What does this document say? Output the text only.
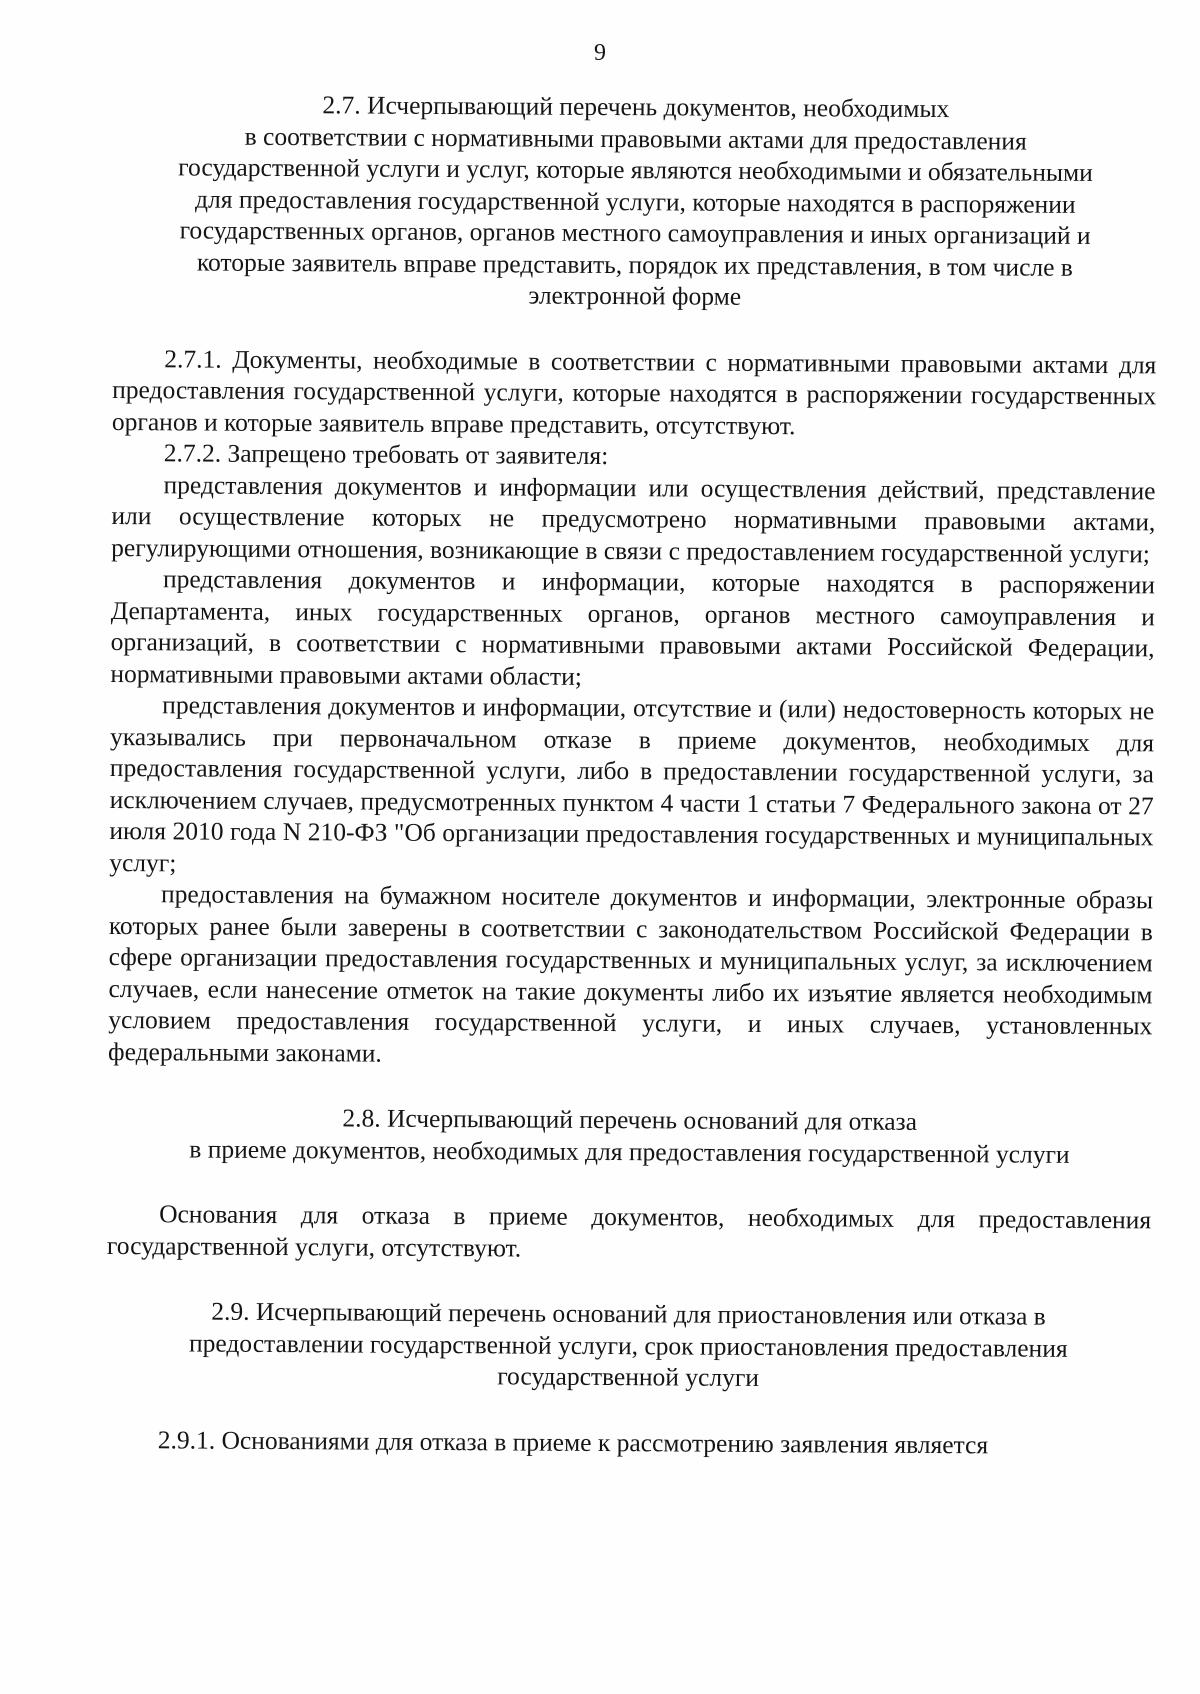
9
2.7. Исчерпывающий перечень документов, необходимых
в соответствии с нормативными правовыми актами для предоставления
государственной услуги и услуг, которые являются необходимыми и обязательными
для предоставления государственной услуги, которые находятся в распоряжении
государственных органов, органов местного самоуправления и иных организаций и
которые заявитель вправе представить, порядок их представления, в том числе в
электронной форме

2.7.1. Документы, необходимые в соответствии с нормативными правовыми актами для предоставления государственной услуги, которые находятся в распоряжении государственных органов и которые заявитель вправе представить, отсутствуют.

2.7.2. Запрещено требовать от заявителя:

представления документов и информации или осуществления действий, представление или осуществление которых не предусмотрено нормативными правовыми актами, регулирующими отношения, возникающие в связи с предоставлением государственной услуги;

представления документов и информации, которые находятся в распоряжении Департамента, иных государственных органов, органов местного самоуправления и организаций, в соответствии с нормативными правовыми актами Российской Федерации, нормативными правовыми актами области;

представления документов и информации, отсутствие и (или) недостоверность которых не указывались при первоначальном отказе в приеме документов, необходимых для предоставления государственной услуги, либо в предоставлении государственной услуги, за исключением случаев, предусмотренных пунктом 4 части 1 статьи 7 Федерального закона от 27 июля 2010 года N 210-ФЗ "Об организации предоставления государственных и муниципальных услуг;

предоставления на бумажном носителе документов и информации, электронные образы которых ранее были заверены в соответствии с законодательством Российской Федерации в сфере организации предоставления государственных и муниципальных услуг, за исключением случаев, если нанесение отметок на такие документы либо их изъятие является необходимым условием предоставления государственной услуги, и иных случаев, установленных федеральными законами.

2.8. Исчерпывающий перечень оснований для отказа
в приеме документов, необходимых для предоставления государственной услуги

Основания для отказа в приеме документов, необходимых для предоставления государственной услуги, отсутствуют.

2.9. Исчерпывающий перечень оснований для приостановления или отказа в
предоставлении государственной услуги, срок приостановления предоставления
государственной услуги

2.9.1. Основаниями для отказа в приеме к рассмотрению заявления является
